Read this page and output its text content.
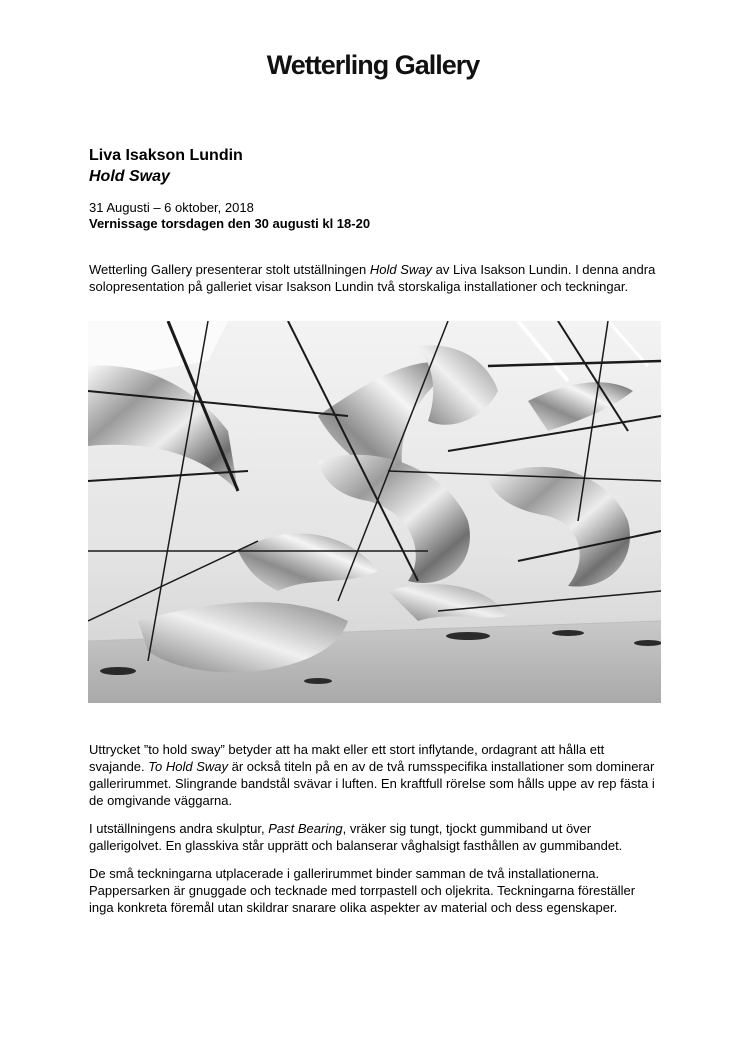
Wetterling Gallery
Liva Isakson Lundin
Hold Sway
31 Augusti – 6 oktober, 2018
Vernissage torsdagen den 30 augusti kl 18-20

Wetterling Gallery presenterar stolt utställningen Hold Sway av Liva Isakson Lundin. I denna andra solopresentation på galleriet visar Isakson Lundin två storskaliga installationer och teckningar.

Uttrycket ”to hold sway” betyder att ha makt eller ett stort inflytande, ordagrant att hålla ett svajande. To Hold Sway är också titeln på en av de två rumsspecifika installationer som dominerar gallerirummet. Slingrande bandstål svävar i luften. En kraftfull rörelse som hålls uppe av rep fästa i de omgivande väggarna.

I utställningens andra skulptur, Past Bearing, vräker sig tungt, tjockt gummiband ut över gallerigolvet. En glasskiva står upprätt och balanserar våghalsigt fasthållen av gummibandet.

De små teckningarna utplacerade i gallerirummet binder samman de två installationerna. Pappersarken är gnuggade och tecknade med torrpastell och oljekrita. Teckningarna föreställer inga konkreta föremål utan skildrar snarare olika aspekter av material och dess egenskaper.
